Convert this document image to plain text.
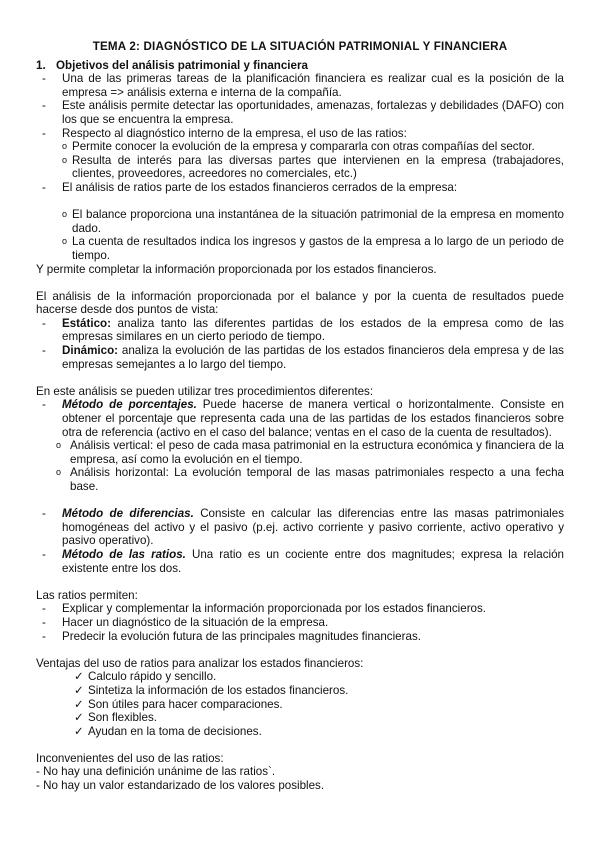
TEMA 2: DIAGNÓSTICO DE LA SITUACIÓN PATRIMONIAL Y FINANCIERA

1. Objetivos del análisis patrimonial y financiera
-	Una de las primeras tareas de la planificación financiera es realizar cual es la posición de la empresa => análisis externa e interna de la compañía.
-	Este análisis permite detectar las oportunidades, amenazas, fortalezas y debilidades (DAFO) con los que se encuentra la empresa.
-	Respecto al diagnóstico interno de la empresa, el uso de las ratios:
o Permite conocer la evolución de la empresa y compararla con otras compañías del sector.
o Resulta de interés para las diversas partes que intervienen en la empresa (trabajadores, clientes, proveedores, acreedores no comerciales, etc.)
-	El análisis de ratios parte de los estados financieros cerrados de la empresa:
o El balance proporciona una instantánea de la situación patrimonial de la empresa en momento dado.
o La cuenta de resultados indica los ingresos y gastos de la empresa a lo largo de un periodo de tiempo.

Y permite completar la información proporcionada por los estados financieros.

El análisis de la información proporcionada por el balance y por la cuenta de resultados puede hacerse desde dos puntos de vista:

-	Estático: analiza tanto las diferentes partidas de los estados de la empresa como de las empresas similares en un cierto periodo de tiempo.
-	Dinámico: analiza la evolución de las partidas de los estados financieros dela empresa y de las empresas semejantes a lo largo del tiempo.

En este análisis se pueden utilizar tres procedimientos diferentes:

-	Método de porcentajes. Puede hacerse de manera vertical o horizontalmente. Consiste en obtener el porcentaje que representa cada una de las partidas de los estados financieros sobre otra de referencia (activo en el caso del balance; ventas en el caso de la cuenta de resultados).
o Análisis vertical: el peso de cada masa patrimonial en la estructura económica y financiera de la empresa, así como la evolución en el tiempo.
o Análisis horizontal: La evolución temporal de las masas patrimoniales respecto a una fecha base.
-	Método de diferencias. Consiste en calcular las diferencias entre las masas patrimoniales homogéneas del activo y el pasivo (p.ej. activo corriente y pasivo corriente, activo operativo y pasivo operativo).
-	Método de las ratios. Una ratio es un cociente entre dos magnitudes; expresa la relación existente entre los dos.

Las ratios permiten:

-	Explicar y complementar la información proporcionada por los estados financieros.
-	Hacer un diagnóstico de la situación de la empresa.
-	Predecir la evolución futura de las principales magnitudes financieras.

Ventajas del uso de ratios para analizar los estados financieros:

✓ Calculo rápido y sencillo.
✓ Sintetiza la información de los estados financieros.
✓ Son útiles para hacer comparaciones.
✓ Son flexibles.
✓ Ayudan en la toma de decisiones.

Inconvenientes del uso de las ratios:

- No hay una definición unánime de las ratios`.

- No hay un valor estandarizado de los valores posibles.
